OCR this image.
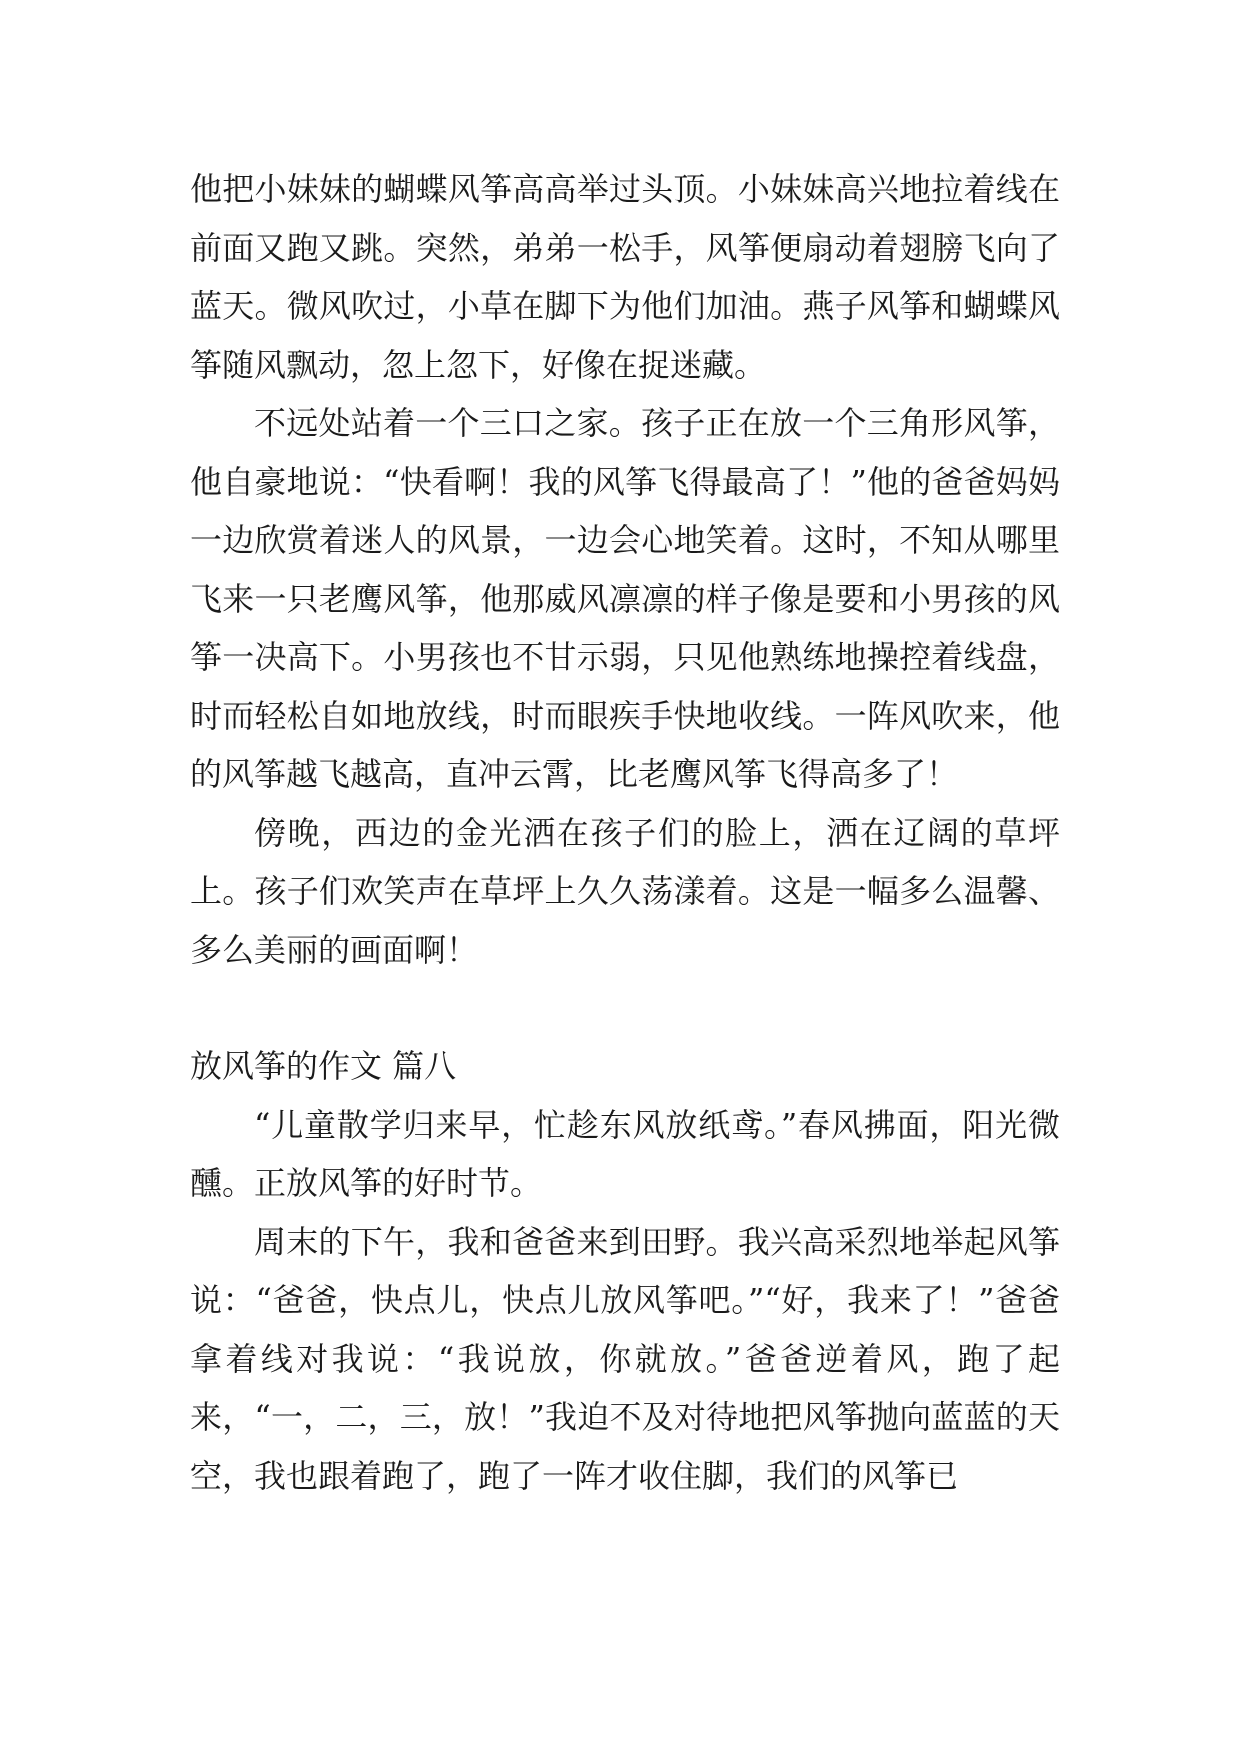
他把小妹妹的蝴蝶风筝高高举过头顶。小妹妹高兴地拉着线在前面又跑又跳。突然，弟弟一松手，风筝便扇动着翅膀飞向了蓝天。微风吹过，小草在脚下为他们加油。燕子风筝和蝴蝶风筝随风飘动，忽上忽下，好像在捉迷藏。

不远处站着一个三口之家。孩子正在放一个三角形风筝，他自豪地说：“快看啊！我的风筝飞得最高了！”他的爸爸妈妈一边欣赏着迷人的风景，一边会心地笑着。这时，不知从哪里飞来一只老鹰风筝，他那威风凛凛的样子像是要和小男孩的风筝一决高下。小男孩也不甘示弱，只见他熟练地操控着线盘，时而轻松自如地放线，时而眼疾手快地收线。一阵风吹来，他的风筝越飞越高，直冲云霄，比老鹰风筝飞得高多了！

傍晚，西边的金光洒在孩子们的脸上，洒在辽阔的草坪上。孩子们欢笑声在草坪上久久荡漾着。这是一幅多么温馨、多么美丽的画面啊！

放风筝的作文 篇八

“儿童散学归来早，忙趁东风放纸鸢。”春风拂面，阳光微醺。正放风筝的好时节。

周末的下午，我和爸爸来到田野。我兴高采烈地举起风筝说：“爸爸，快点儿，快点儿放风筝吧。”“好，我来了！”爸爸拿着线对我说：“我说放，你就放。”爸爸逆着风，跑了起来，“一，二，三，放！”我迫不及对待地把风筝抛向蓝蓝的天空，我也跟着跑了，跑了一阵才收住脚，我们的风筝已
